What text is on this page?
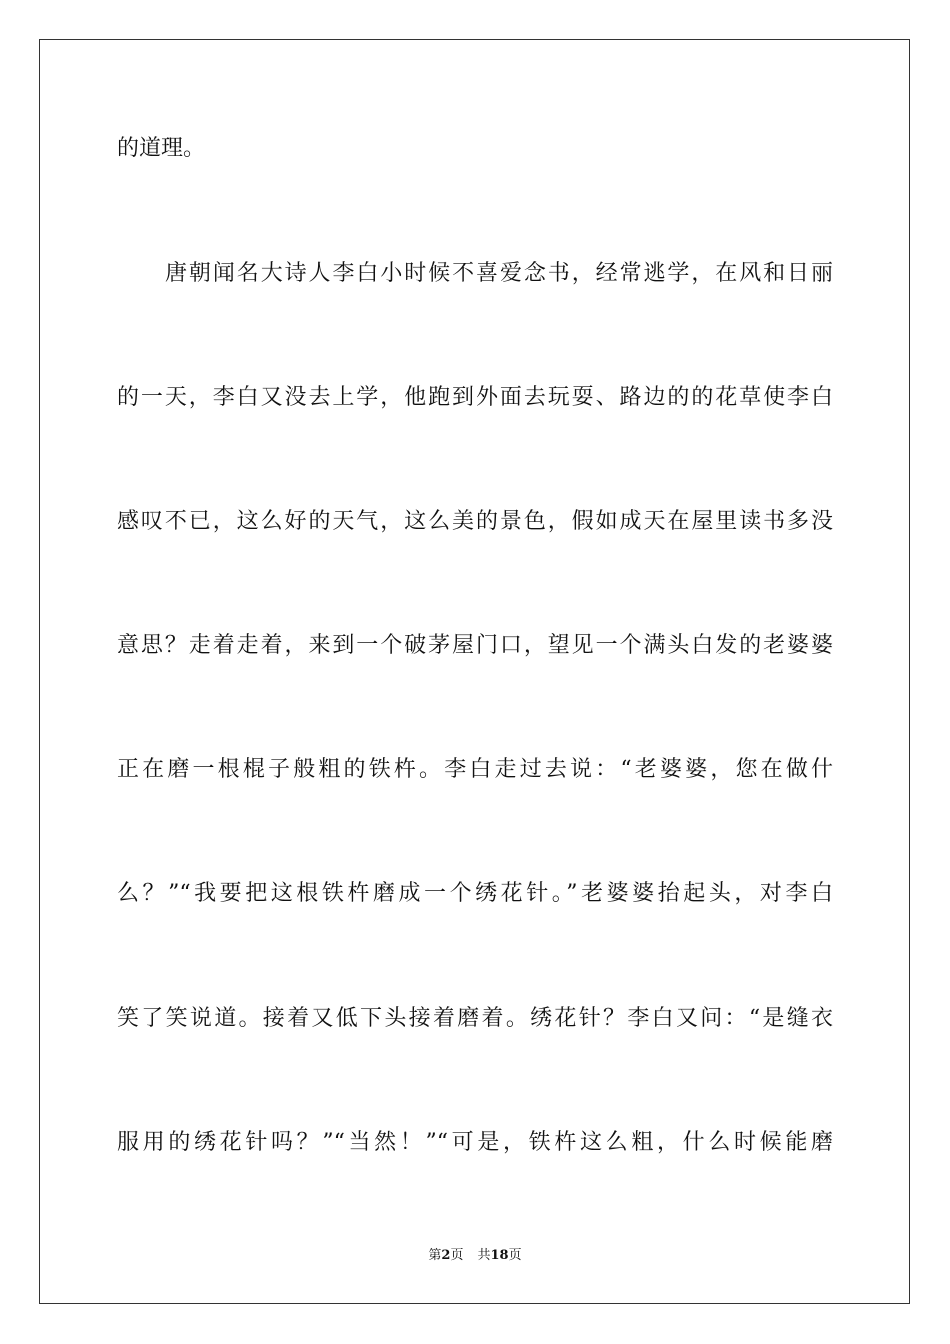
的道理。
唐朝闻名大诗人李白小时候不喜爱念书，经常逃学，在风和日丽
的一天，李白又没去上学，他跑到外面去玩耍、路边的的花草使李白
感叹不已，这么好的天气，这么美的景色，假如成天在屋里读书多没
意思？走着走着，来到一个破茅屋门口，望见一个满头白发的老婆婆
正在磨一根棍子般粗的铁杵。李白走过去说：“老婆婆，您在做什
么？”“我要把这根铁杵磨成一个绣花针。”老婆婆抬起头，对李白
笑了笑说道。接着又低下头接着磨着。绣花针？李白又问：“是缝衣
服用的绣花针吗？”“当然！”“可是，铁杵这么粗，什么时候能磨
第2页 共18页
